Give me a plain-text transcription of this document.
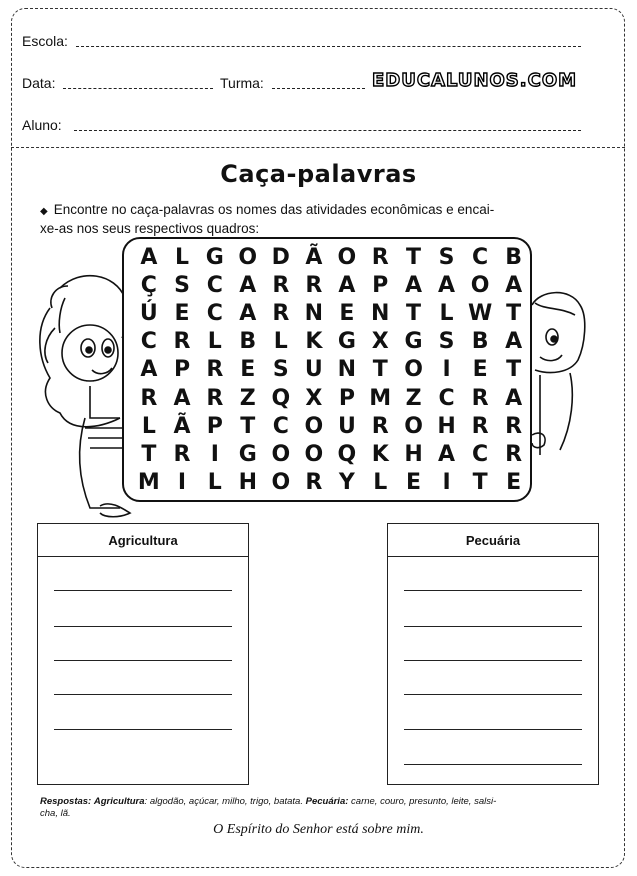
Escola:
Data:	Turma:	EDUCALUNOS.COM
Aluno:
Caça-palavras
◆ Encontre no caça-palavras os nomes das atividades econômicas e encai-
xe-as nos seus respectivos quadros:
A	L	G	O	D	Ã	O	R	T	S	C	B
Ç	S	C	A	R	R	A	P	A	A	O	A
Ú	E	C	A	R	N	E	N	T	L	W	T
C	R	L	B	L	K	G	X	G	S	B	A
A	P	R	E	S	U	N	T	O	I	E	T
R	A	R	Z	Q	X	P	M	Z	C	R	A
L	Ã	P	T	C	O	U	R	O	H	R	R
T	R	I	G	O	O	Q	K	H	A	C	R
M	I	L	H	O	R	Y	L	E	I	T	E
Agricultura	Pecuária
Respostas: Agricultura: algodão, açúcar, milho, trigo, batata. Pecuária: carne, couro, presunto, leite, salsi-
cha, lã.
O Espírito do Senhor está sobre mim.
